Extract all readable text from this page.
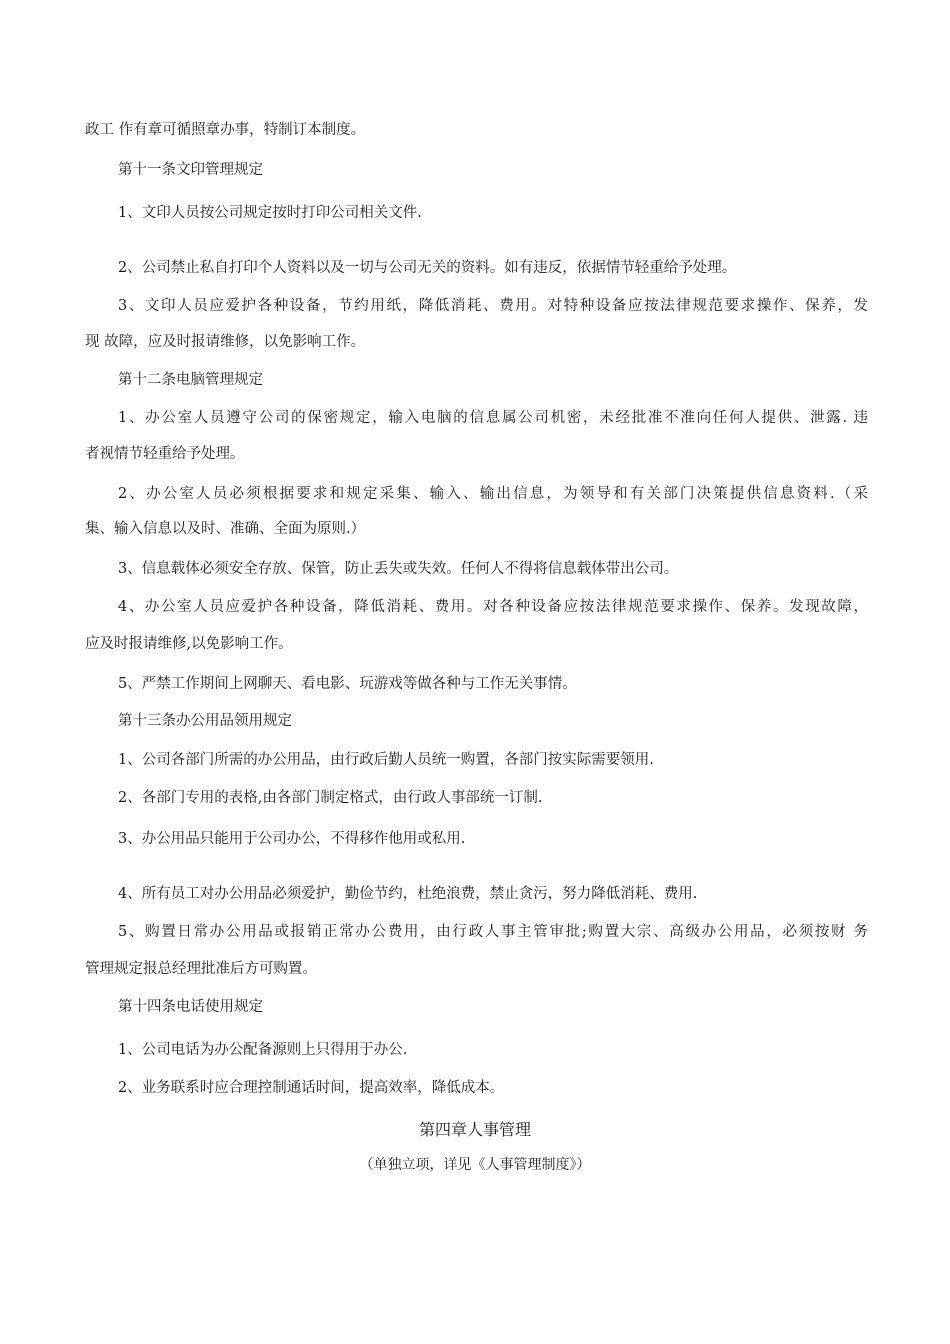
政工 作有章可循照章办事，特制订本制度。
第十一条文印管理规定
1、文印人员按公司规定按时打印公司相关文件.
2、公司禁止私自打印个人资料以及一切与公司无关的资料。如有违反，依据情节轻重给予处理。
3、文印人员应爱护各种设备，节约用纸，降低消耗、费用。对特种设备应按法律规范要求操作、保养，发
现 故障，应及时报请维修，以免影响工作。
第十二条电脑管理规定
1、办公室人员遵守公司的保密规定，输入电脑的信息属公司机密，未经批准不准向任何人提供、泄露. 违
者视情节轻重给予处理。
2、办公室人员必须根据要求和规定采集、输入、输出信息，为领导和有关部门决策提供信息资料.（采
集、输入信息以及时、准确、全面为原则.）
3、信息载体必须安全存放、保管，防止丢失或失效。任何人不得将信息载体带出公司。
4、办公室人员应爱护各种设备，降低消耗、费用。对各种设备应按法律规范要求操作、保养。发现故障，
应及时报请维修,以免影响工作。
5、严禁工作期间上网聊天、看电影、玩游戏等做各种与工作无关事情。
第十三条办公用品领用规定
1、公司各部门所需的办公用品，由行政后勤人员统一购置，各部门按实际需要领用.
2、各部门专用的表格,由各部门制定格式，由行政人事部统一订制.
3、办公用品只能用于公司办公，不得移作他用或私用.
4、所有员工对办公用品必须爱护，勤俭节约，杜绝浪费，禁止贪污，努力降低消耗、费用.
5、购置日常办公用品或报销正常办公费用，由行政人事主管审批;购置大宗、高级办公用品，必须按财 务
管理规定报总经理批准后方可购置。
第十四条电话使用规定
1、公司电话为办公配备源则上只得用于办公.
2、业务联系时应合理控制通话时间，提高效率，降低成本。
第四章人事管理
（单独立项，详见《人事管理制度》）
